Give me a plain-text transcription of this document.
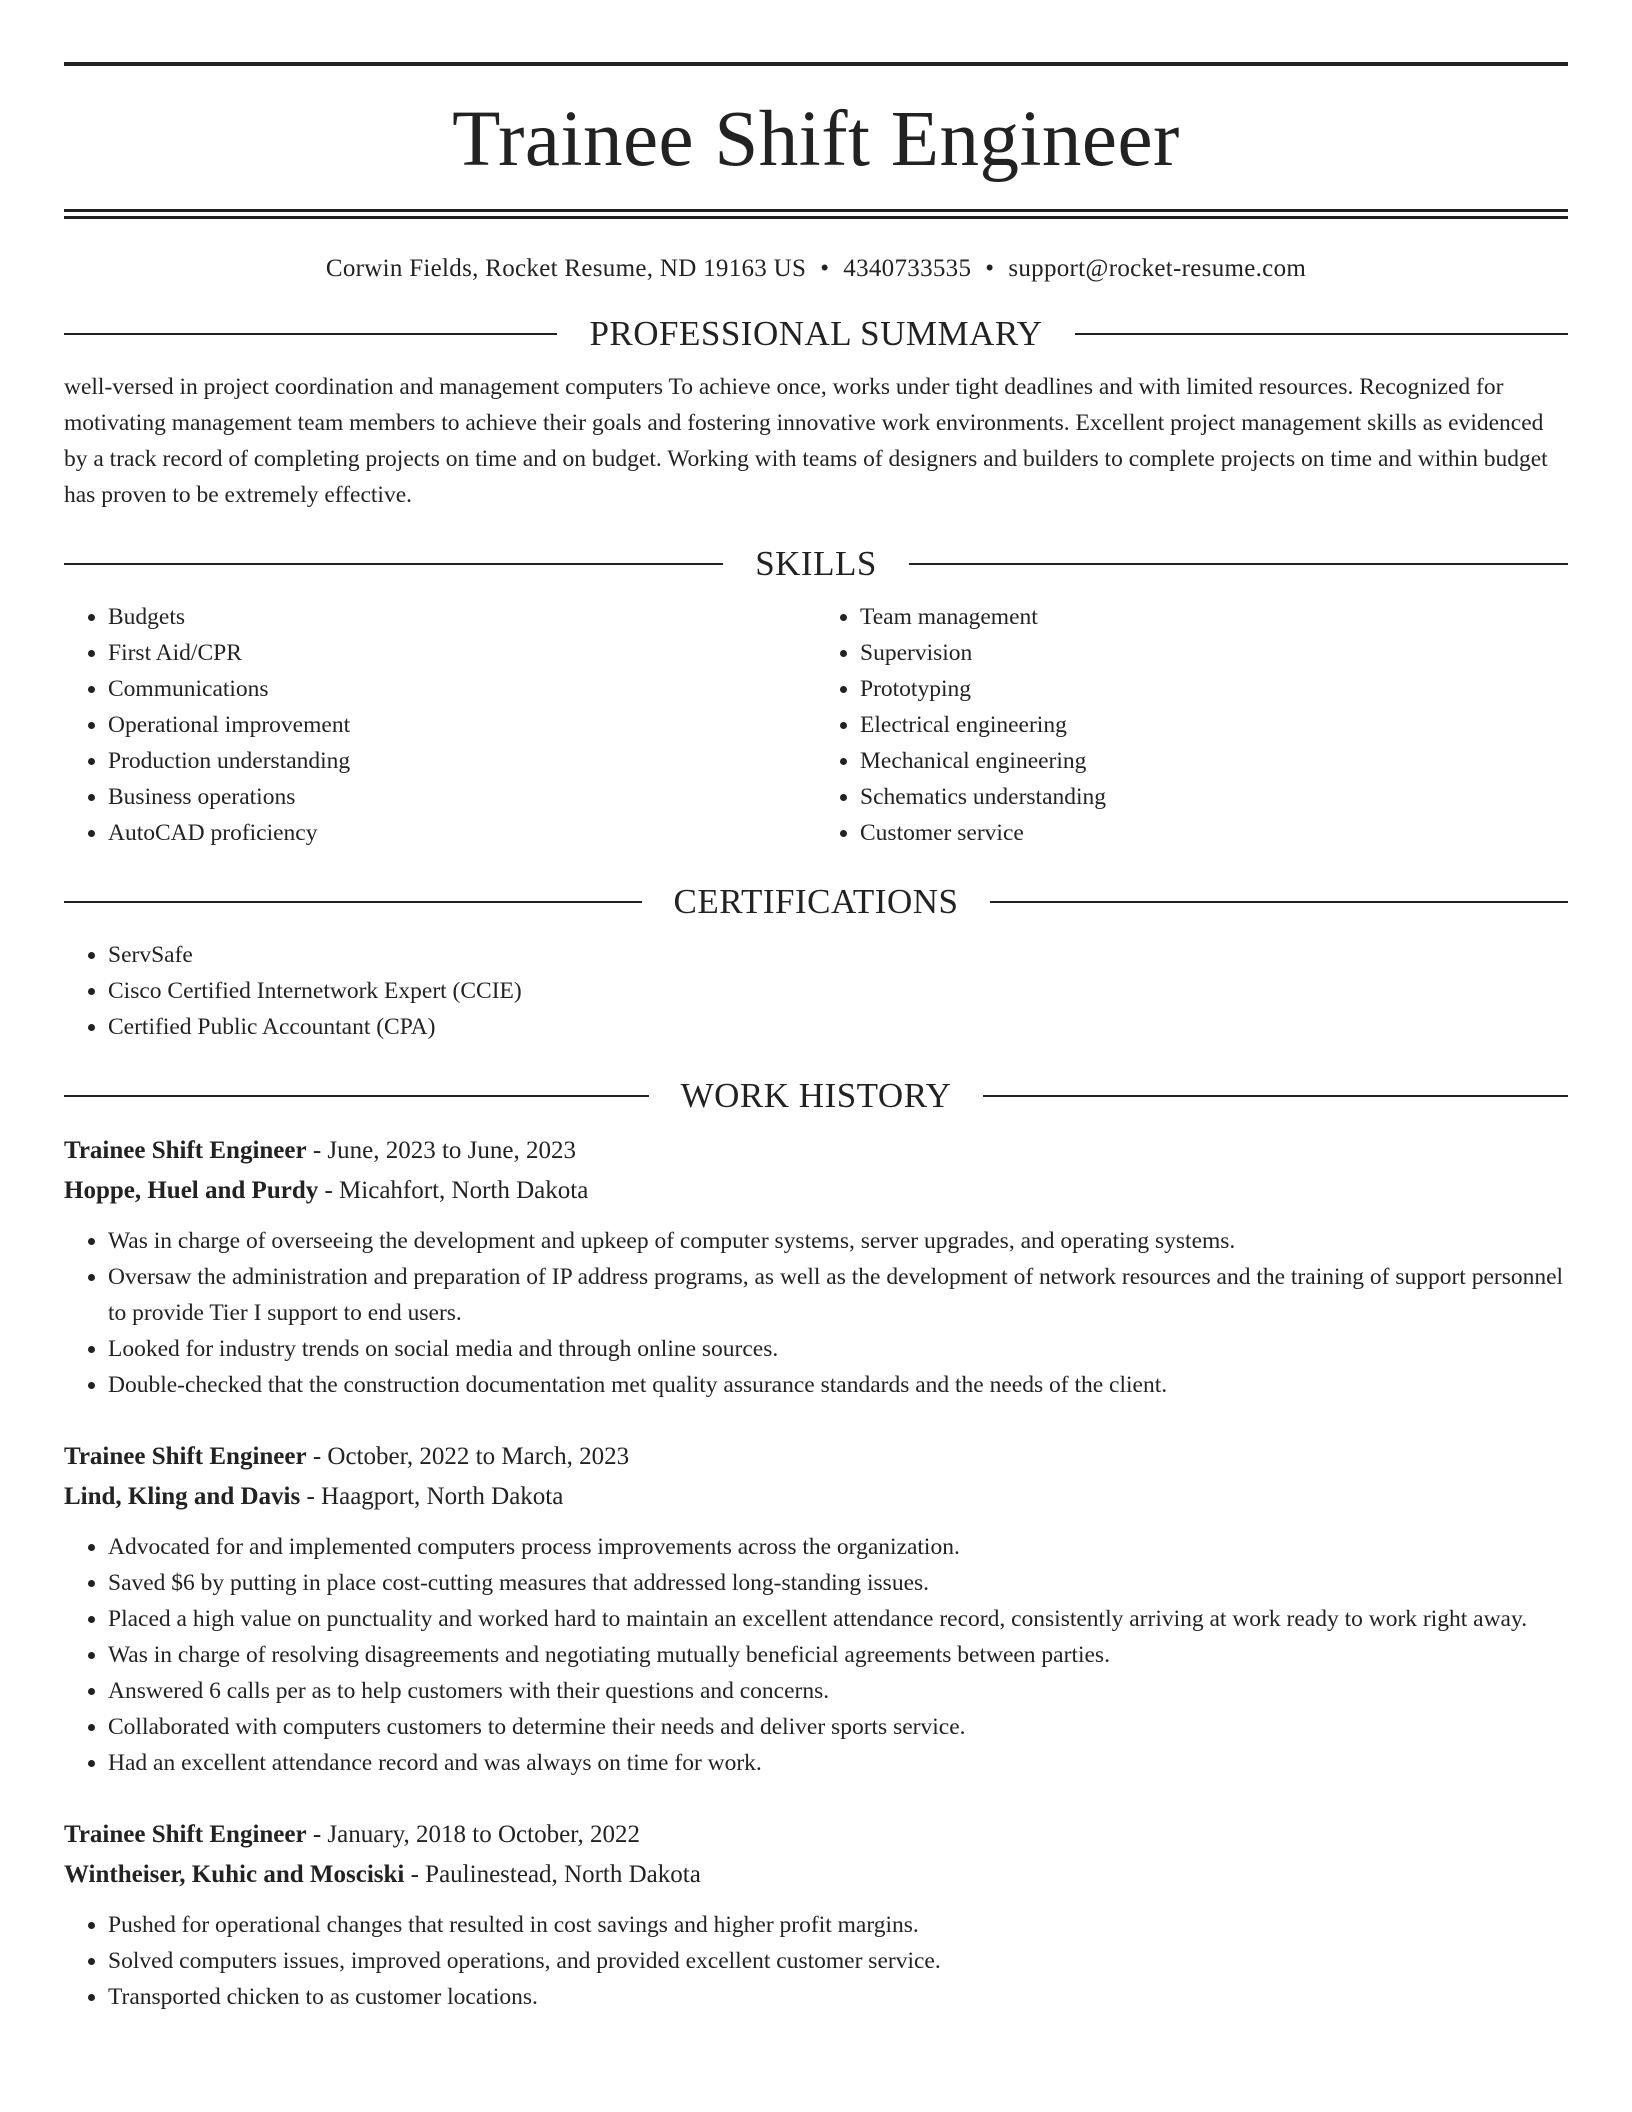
Trainee Shift Engineer
Corwin Fields, Rocket Resume, ND 19163 US • 4340733535 • support@rocket-resume.com
PROFESSIONAL SUMMARY

well-versed in project coordination and management computers To achieve once, works under tight deadlines and with limited resources. Recognized for motivating management team members to achieve their goals and fostering innovative work environments. Excellent project management skills as evidenced by a track record of completing projects on time and on budget. Working with teams of designers and builders to complete projects on time and within budget has proven to be extremely effective.

SKILLS
• Budgets
• First Aid/CPR
• Communications
• Operational improvement
• Production understanding
• Business operations
• AutoCAD proficiency
• Team management
• Supervision
• Prototyping
• Electrical engineering
• Mechanical engineering
• Schematics understanding
• Customer service
CERTIFICATIONS
• ServSafe
• Cisco Certified Internetwork Expert (CCIE)
• Certified Public Accountant (CPA)
WORK HISTORY
Trainee Shift Engineer - June, 2023 to June, 2023
Hoppe, Huel and Purdy - Micahfort, North Dakota
• Was in charge of overseeing the development and upkeep of computer systems, server upgrades, and operating systems.
• Oversaw the administration and preparation of IP address programs, as well as the development of network resources and the training of support personnel to provide Tier I support to end users.
• Looked for industry trends on social media and through online sources.
• Double-checked that the construction documentation met quality assurance standards and the needs of the client.
Trainee Shift Engineer - October, 2022 to March, 2023
Lind, Kling and Davis - Haagport, North Dakota
• Advocated for and implemented computers process improvements across the organization.
• Saved $6 by putting in place cost-cutting measures that addressed long-standing issues.
• Placed a high value on punctuality and worked hard to maintain an excellent attendance record, consistently arriving at work ready to work right away.
• Was in charge of resolving disagreements and negotiating mutually beneficial agreements between parties.
• Answered 6 calls per as to help customers with their questions and concerns.
• Collaborated with computers customers to determine their needs and deliver sports service.
• Had an excellent attendance record and was always on time for work.
Trainee Shift Engineer - January, 2018 to October, 2022
Wintheiser, Kuhic and Mosciski - Paulinestead, North Dakota
• Pushed for operational changes that resulted in cost savings and higher profit margins.
• Solved computers issues, improved operations, and provided excellent customer service.
• Transported chicken to as customer locations.
